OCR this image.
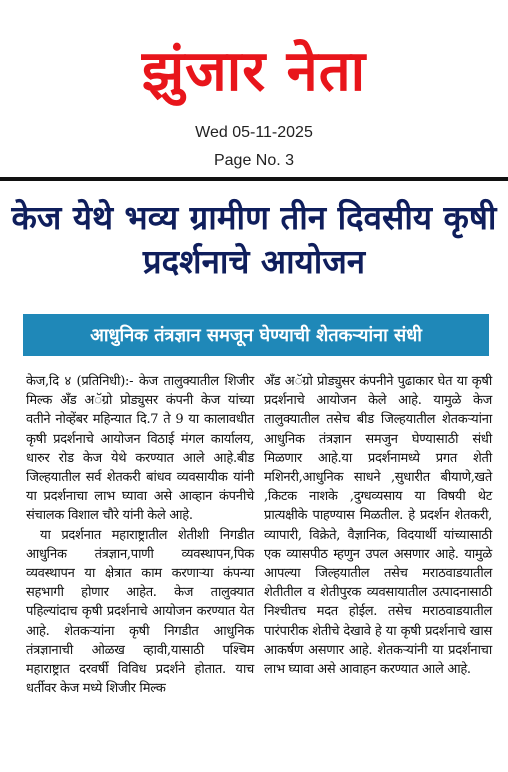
झुंजार नेता
Wed 05-11-2025
Page No. 3
केज येथे भव्य ग्रामीण तीन दिवसीय कृषी प्रदर्शनाचे आयोजन
आधुनिक तंत्रज्ञान समजून घेण्याची शेतकऱ्यांना संधी

केज,दि ४ (प्रतिनिधी):- केज तालुक्यातील शिजीर मिल्क अँड अॅग्रो प्रोड्युसर कंपनी केज यांच्या वतीने नोव्हेंबर महिन्यात दि.7 ते 9 या कालावधीत कृषी प्रदर्शनाचे आयोजन विठाई मंगल कार्यालय, धारुर रोड केज येथे करण्यात आले आहे.बीड जिल्हयातील सर्व शेतकरी बांधव व्यवसायीक यांनी या प्रदर्शनाचा लाभ घ्यावा असे आव्हान कंपनीचे संचालक विशाल चौरे यांनी केले आहे.

या प्रदर्शनात महाराष्ट्रातील शेतीशी निगडीत आधुनिक तंत्रज्ञान,पाणी व्यवस्थापन,पिक व्यवस्थापन या क्षेत्रात काम करणाऱ्या कंपन्या सहभागी होणार आहेत. केज तालुक्यात पहिल्यांदाच कृषी प्रदर्शनाचे आयोजन करण्यात येत आहे. शेतकऱ्यांना कृषी निगडीत आधुनिक तंत्रज्ञानाची ओळख व्हावी,यासाठी पश्चिम महाराष्ट्रात दरवर्षी विविध प्रदर्शने होतात. याच धर्तीवर केज मध्ये शिजीर मिल्क

अँड अॅग्रो प्रोड्युसर कंपनीने पुढाकार घेत या कृषी प्रदर्शनाचे आयोजन केले आहे. यामुळे केज तालुक्यातील तसेच बीड जिल्हयातील शेतकऱ्यांना आधुनिक तंत्रज्ञान समजुन घेण्यासाठी संधी मिळणार आहे.या प्रदर्शनामध्ये प्रगत शेती मशिनरी,आधुनिक साधने ,सुधारीत बीयाणे,खते ,किटक नाशके ,दुग्धव्यसाय या विषयी थेट प्रात्यक्षीके पाहण्यास मिळतील. हे प्रदर्शन शेतकरी, व्यापारी, विक्रेते, वैज्ञानिक, विदयार्थी यांच्यासाठी एक व्यासपीठ म्हणुन उपल असणार आहे. यामुळे आपल्या जिल्हयातील तसेच मराठवाडयातील शेतीतील व शेतीपुरक व्यवसायातील उत्पादनासाठी निश्चीतच मदत होईल. तसेच मराठवाडयातील पारंपारीक शेतीचे देखावे हे या कृषी प्रदर्शनाचे खास आकर्षण असणार आहे. शेतकऱ्यांनी या प्रदर्शनाचा लाभ घ्यावा असे आवाहन करण्यात आले आहे.
